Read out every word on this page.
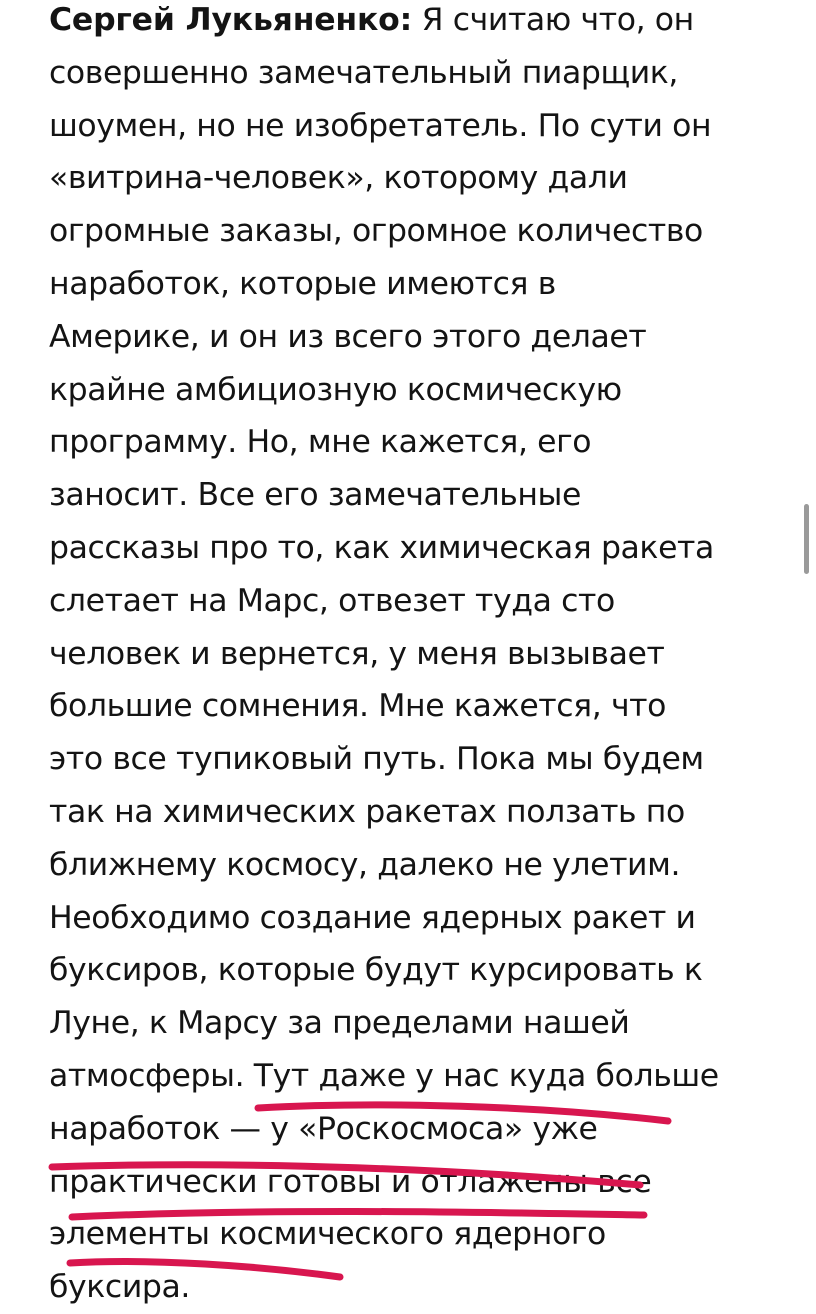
Сергей Лукьяненко: Я считаю что, он
совершенно замечательный пиарщик,
шоумен, но не изобретатель. По сути он
«витрина-человек», которому дали
огромные заказы, огромное количество
наработок, которые имеются в
Америке, и он из всего этого делает
крайне амбициозную космическую
программу. Но, мне кажется, его
заносит. Все его замечательные
рассказы про то, как химическая ракета
слетает на Марс, отвезет туда сто
человек и вернется, у меня вызывает
большие сомнения. Мне кажется, что
это все тупиковый путь. Пока мы будем
так на химических ракетах ползать по
ближнему космосу, далеко не улетим.
Необходимо создание ядерных ракет и
буксиров, которые будут курсировать к
Луне, к Марсу за пределами нашей
атмосферы. Тут даже у нас куда больше
наработок — у «Роскосмоса» уже
практически готовы и отлажены все
элементы космического ядерного
буксира.
